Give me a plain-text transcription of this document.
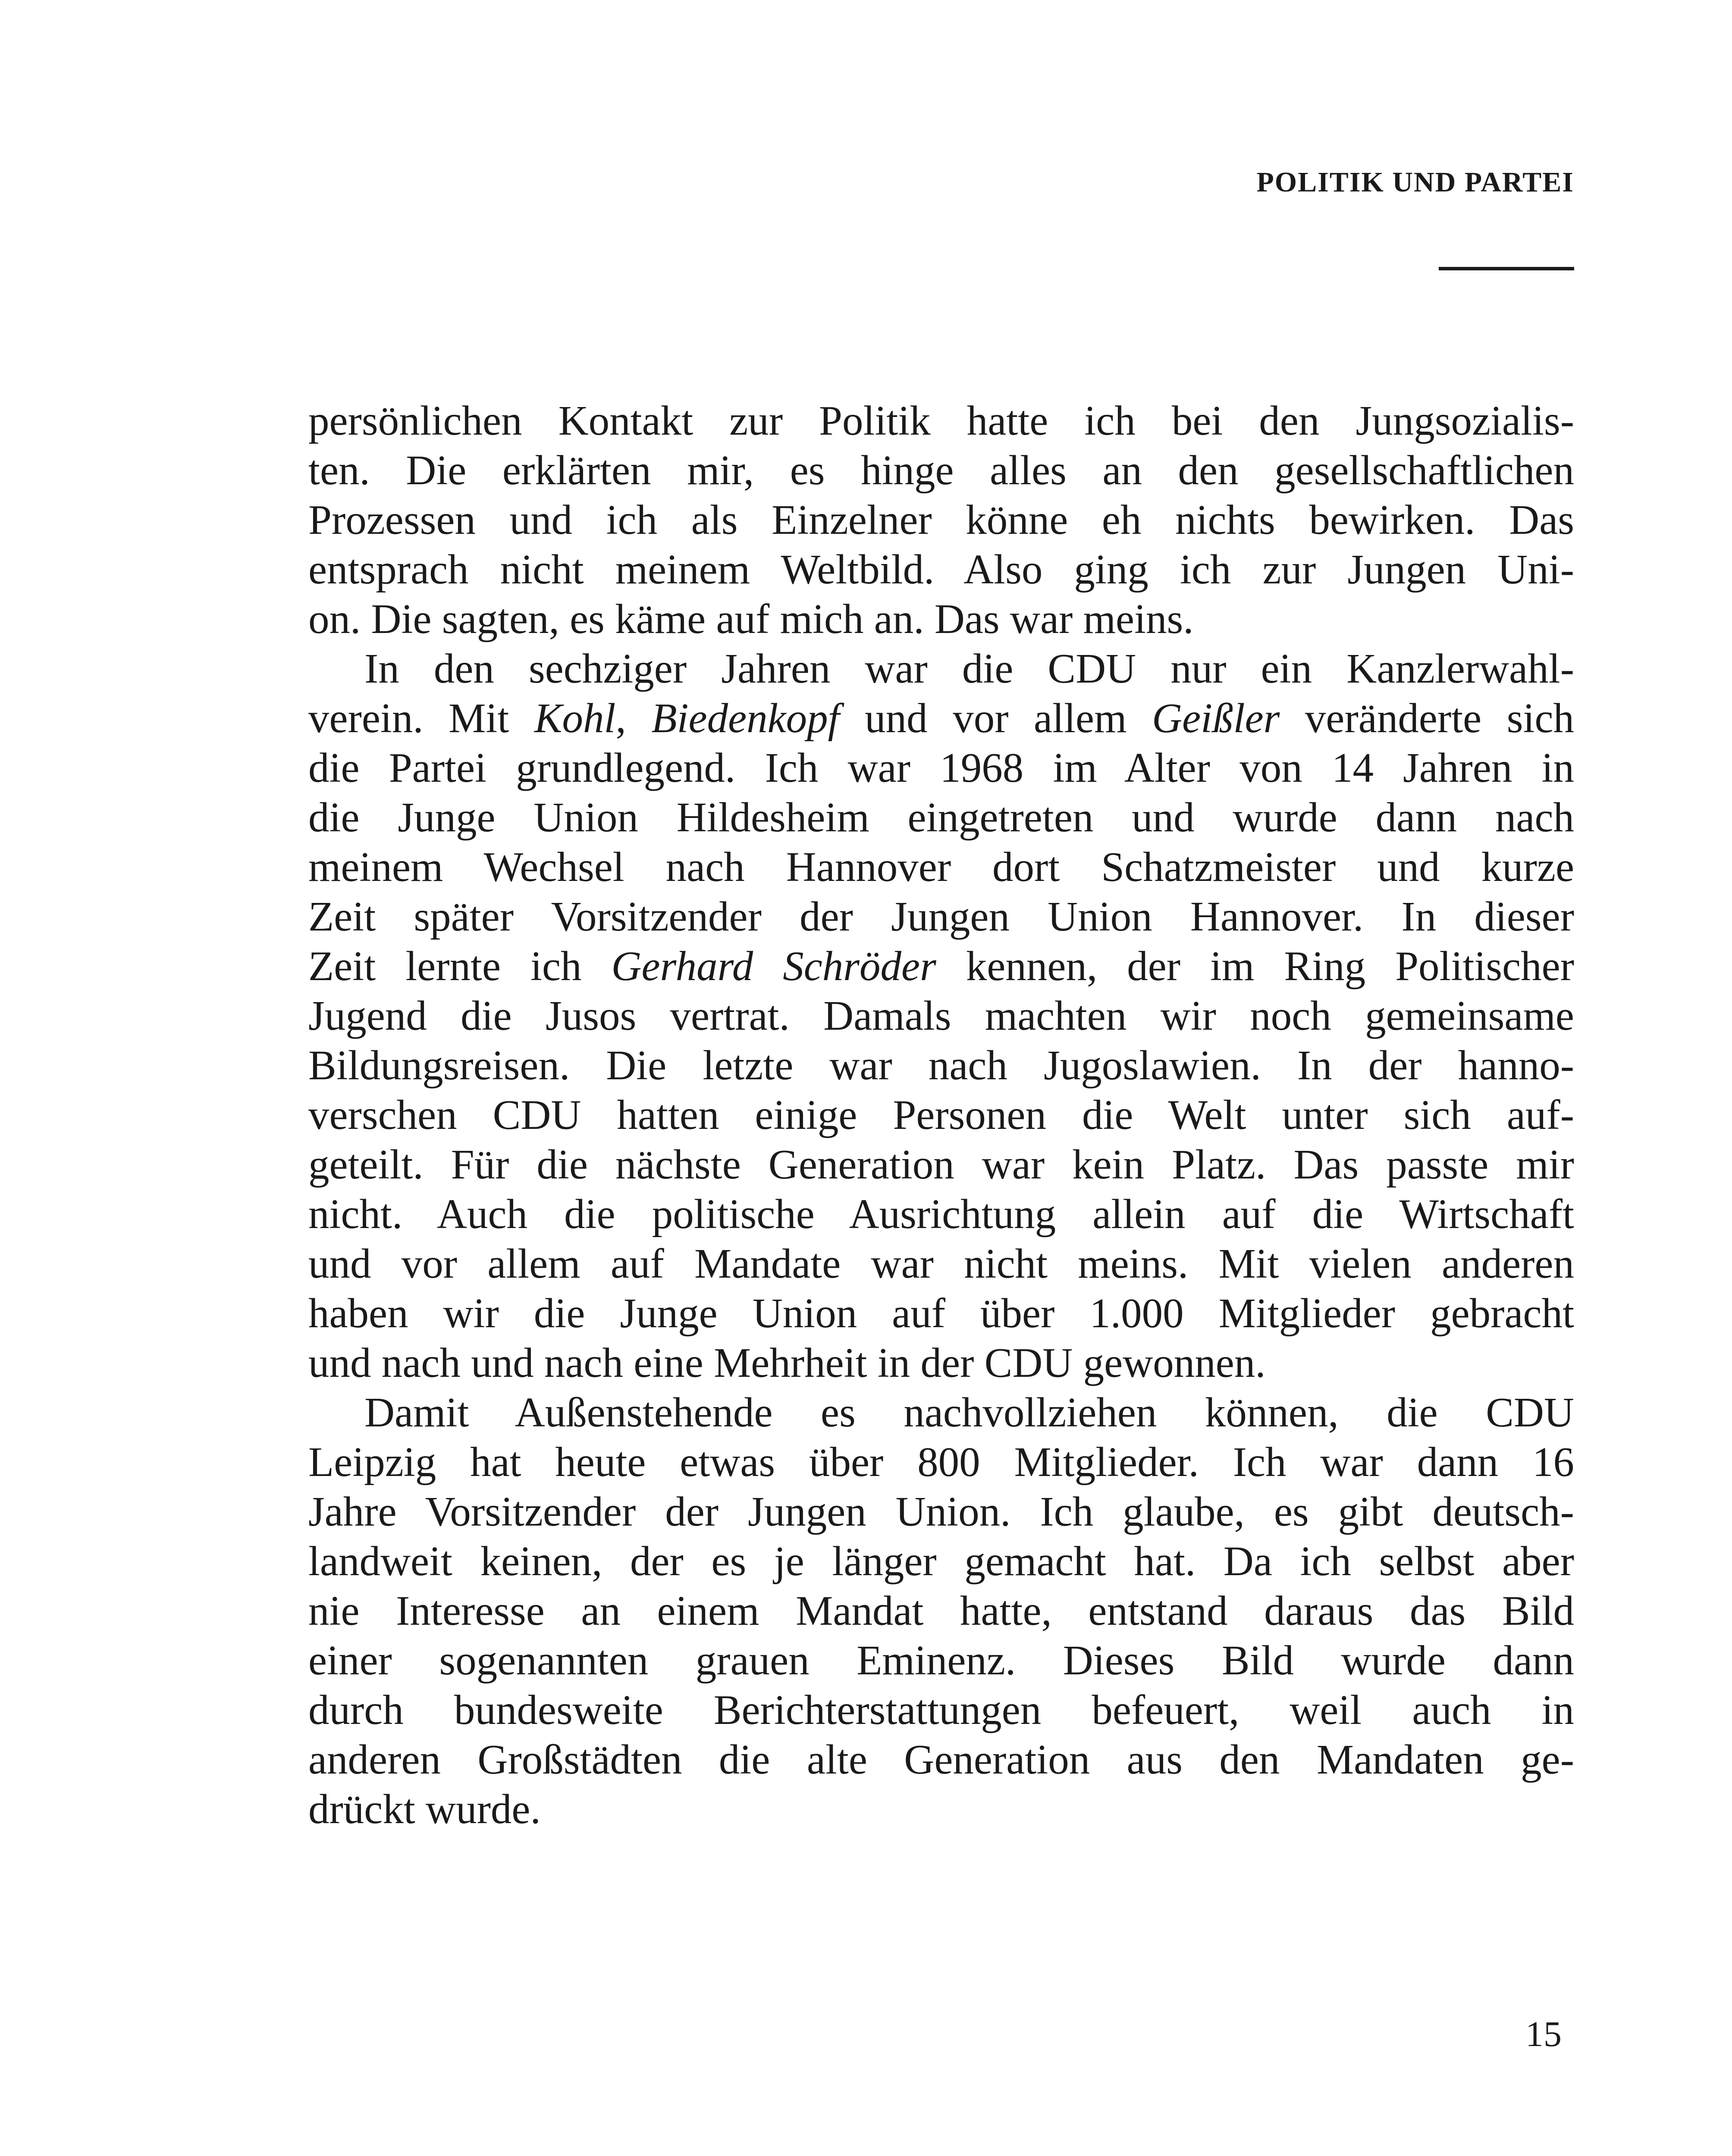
POLITIK UND PARTEI
persönlichen Kontakt zur Politik hatte ich bei den Jungsozialis-
ten. Die erklärten mir, es hinge alles an den gesellschaftlichen
Prozessen und ich als Einzelner könne eh nichts bewirken. Das
entsprach nicht meinem Weltbild. Also ging ich zur Jungen Uni-
on. Die sagten, es käme auf mich an. Das war meins.
In den sechziger Jahren war die CDU nur ein Kanzlerwahl-
verein. Mit Kohl, Biedenkopf und vor allem Geißler veränderte sich
die Partei grundlegend. Ich war 1968 im Alter von 14 Jahren in
die Junge Union Hildesheim eingetreten und wurde dann nach
meinem Wechsel nach Hannover dort Schatzmeister und kurze
Zeit später Vorsitzender der Jungen Union Hannover. In dieser
Zeit lernte ich Gerhard Schröder kennen, der im Ring Politischer
Jugend die Jusos vertrat. Damals machten wir noch gemeinsame
Bildungsreisen. Die letzte war nach Jugoslawien. In der hanno-
verschen CDU hatten einige Personen die Welt unter sich auf-
geteilt. Für die nächste Generation war kein Platz. Das passte mir
nicht. Auch die politische Ausrichtung allein auf die Wirtschaft
und vor allem auf Mandate war nicht meins. Mit vielen anderen
haben wir die Junge Union auf über 1.000 Mitglieder gebracht
und nach und nach eine Mehrheit in der CDU gewonnen.
Damit Außenstehende es nachvollziehen können, die CDU
Leipzig hat heute etwas über 800 Mitglieder. Ich war dann 16
Jahre Vorsitzender der Jungen Union. Ich glaube, es gibt deutsch-
landweit keinen, der es je länger gemacht hat. Da ich selbst aber
nie Interesse an einem Mandat hatte, entstand daraus das Bild
einer sogenannten grauen Eminenz. Dieses Bild wurde dann
durch bundesweite Berichterstattungen befeuert, weil auch in
anderen Großstädten die alte Generation aus den Mandaten ge-
drückt wurde.
15
